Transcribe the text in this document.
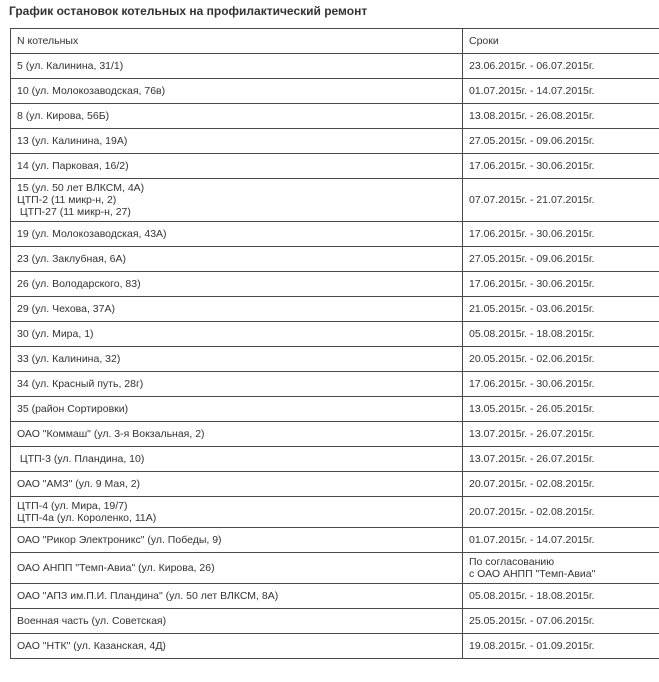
График остановок котельных на профилактический ремонт
N котельных	Сроки

5 (ул. Калинина, 31/1)	23.06.2015г. - 06.07.2015г.

10 (ул. Молокозаводская, 76в)	01.07.2015г. - 14.07.2015г.

8 (ул. Кирова, 56Б)	13.08.2015г. - 26.08.2015г.

13 (ул. Калинина, 19А)	27.05.2015г. - 09.06.2015г.

14 (ул. Парковая, 16/2)	17.06.2015г. - 30.06.2015г.

15 (ул. 50 лет ВЛКСМ, 4А)
ЦТП-2 (11 микр-н, 2)
ЦТП-27 (11 микр-н, 27)	07.07.2015г. - 21.07.2015г.

19 (ул. Молокозаводская, 43А)	17.06.2015г. - 30.06.2015г.

23 (ул. Заклубная, 6А)	27.05.2015г. - 09.06.2015г.

26 (ул. Володарского, 83)	17.06.2015г. - 30.06.2015г.

29 (ул. Чехова, 37А)	21.05.2015г. - 03.06.2015г.

30 (ул. Мира, 1)	05.08.2015г. - 18.08.2015г.

33 (ул. Калинина, 32)	20.05.2015г. - 02.06.2015г.

34 (ул. Красный путь, 28г)	17.06.2015г. - 30.06.2015г.

35 (район Сортировки)	13.05.2015г. - 26.05.2015г.

ОАО "Коммаш" (ул. 3-я Вокзальная, 2)	13.07.2015г. - 26.07.2015г.

ЦТП-3 (ул. Пландина, 10)	13.07.2015г. - 26.07.2015г.

ОАО "АМЗ" (ул. 9 Мая, 2)	20.07.2015г. - 02.08.2015г.

ЦТП-4 (ул. Мира, 19/7)
ЦТП-4а (ул. Короленко, 11А)	20.07.2015г. - 02.08.2015г.

ОАО "Рикор Электроникс" (ул. Победы, 9)	01.07.2015г. - 14.07.2015г.

ОАО АНПП "Темп-Авиа" (ул. Кирова, 26)	По согласованию
с ОАО АНПП "Темп-Авиа"

ОАО "АПЗ им.П.И. Пландина" (ул. 50 лет ВЛКСМ, 8А)	05.08.2015г. - 18.08.2015г.

Военная часть (ул. Советская)	25.05.2015г. - 07.06.2015г.

ОАО "НТК" (ул. Казанская, 4Д)	19.08.2015г. - 01.09.2015г.
